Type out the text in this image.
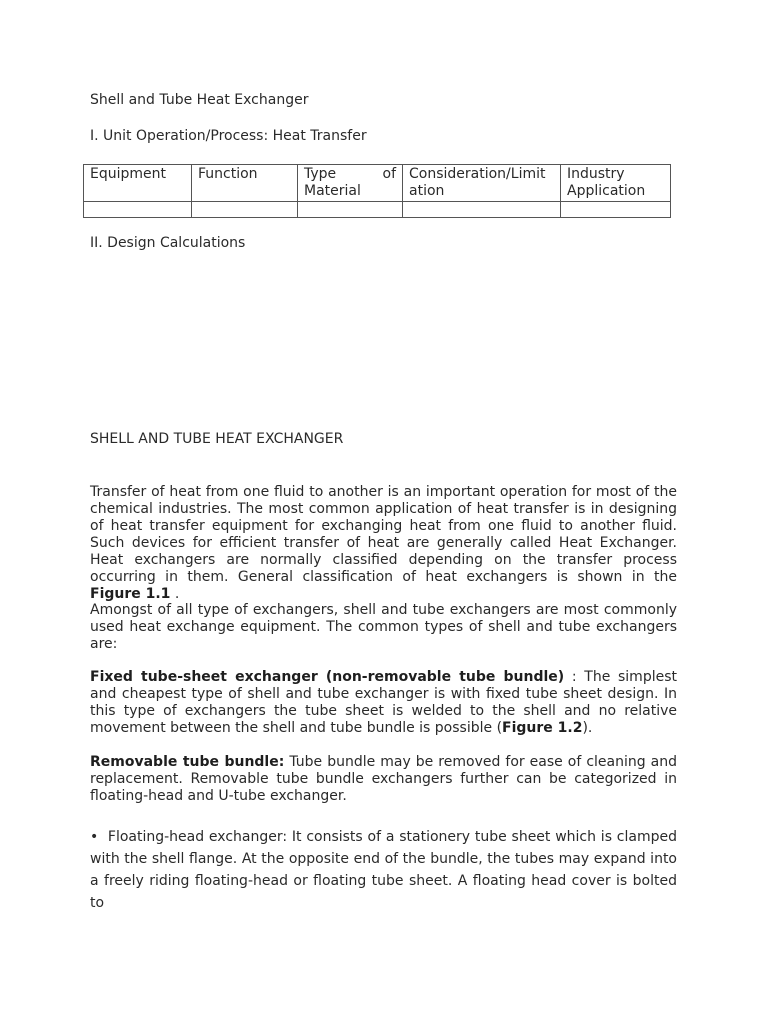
Shell and Tube Heat Exchanger
I. Unit Operation/Process: Heat Transfer
Equipment	Function	Type of Material	Consideration/Limitation	Industry Application

II. Design Calculations
SHELL AND TUBE HEAT EXCHANGER

Transfer of heat from one fluid to another is an important operation for most of the chemical industries. The most common application of heat transfer is in designing of heat transfer equipment for exchanging heat from one fluid to another fluid. Such devices for efficient transfer of heat are generally called Heat Exchanger. Heat exchangers are normally classified depending on the transfer process occurring in them. General classification of heat exchangers is shown in the Figure 1.1 .

Amongst of all type of exchangers, shell and tube exchangers are most commonly used heat exchange equipment. The common types of shell and tube exchangers are:

Fixed tube-sheet exchanger (non-removable tube bundle) : The simplest and cheapest type of shell and tube exchanger is with fixed tube sheet design. In this type of exchangers the tube sheet is welded to the shell and no relative movement between the shell and tube bundle is possible (Figure 1.2).

Removable tube bundle: Tube bundle may be removed for ease of cleaning and replacement. Removable tube bundle exchangers further can be categorized in floating-head and U-tube exchanger.

• Floating-head exchanger: It consists of a stationery tube sheet which is clamped with the shell flange. At the opposite end of the bundle, the tubes may expand into a freely riding floating-head or floating tube sheet. A floating head cover is bolted to
